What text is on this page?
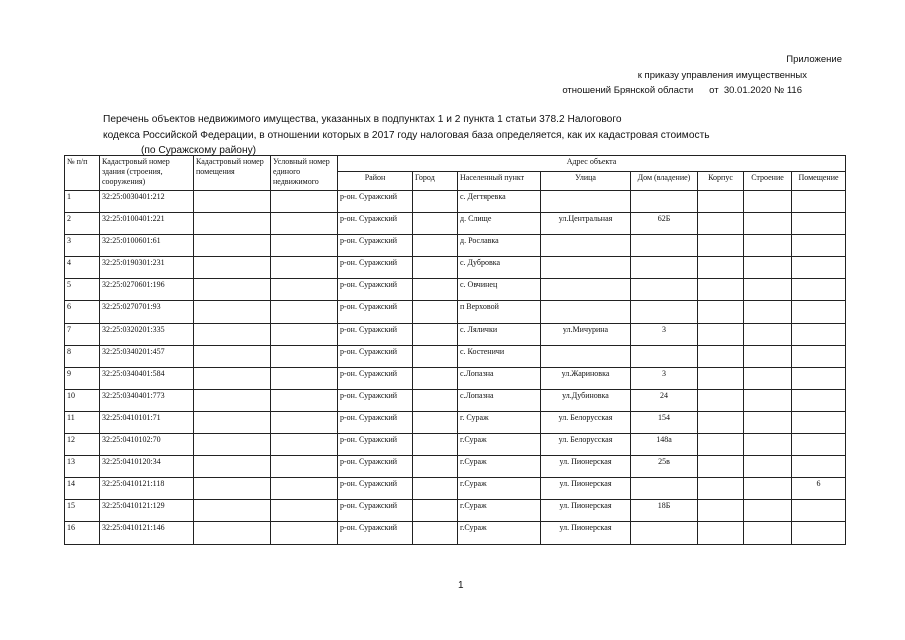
Приложение
к приказу управления имущественных
отношений Брянской области      от  30.01.2020 № 116
Перечень объектов недвижимого имущества, указанных в подпунктах 1 и 2 пункта 1 статьи 378.2 Налогового
кодекса Российской Федерации, в отношении которых в 2017 году налоговая база определяется, как их кадастровая стоимость

(по Суражскому району)
№ п/п	Кадастровый номер здания (строения, сооружения)	Кадастровый номер помещения	Условный номер единого недвижимого	Адрес объекта							
				Район	Город	Населенный пункт	Улица	Дом (владение)	Корпус	Строение	Помещение
1	32:25:0030401:212			р-он. Суражский		с. Дегтяревка					
2	32:25:0100401:221			р-он. Суражский		д. Слище	ул.Центральная	62Б			
3	32:25:0100601:61			р-он. Суражский		д. Рославка					
4	32:25:0190301:231			р-он. Суражский		с. Дубровка					
5	32:25:0270601:196			р-он. Суражский		с. Овчинец					
6	32:25:0270701:93			р-он. Суражский		п Верховой					
7	32:25:0320201:335			р-он. Суражский		с. Лялички	ул.Мичурина	3			
8	32:25:0340201:457			р-он. Суражский		с. Костеничи					
9	32:25:0340401:584			р-он. Суражский		с.Лопазна	ул.Жариновка	3			
10	32:25:0340401:773			р-он. Суражский		с.Лопазна	ул.Дубиновка	24			
11	32:25:0410101:71			р-он. Суражский		г. Сураж	ул. Белорусская	154			
12	32:25:0410102:70			р-он. Суражский		г.Сураж	ул. Белорусская	148а			
13	32:25:0410120:34			р-он. Суражский		г.Сураж	ул. Пионерская	25в			
14	32:25:0410121:118			р-он. Суражский		г.Сураж	ул. Пионерская				6
15	32:25:0410121:129			р-он. Суражский		г.Сураж	ул. Пионерская	18Б			
16	32:25:0410121:146			р-он. Суражский		г.Сураж	ул. Пионерская				
1
